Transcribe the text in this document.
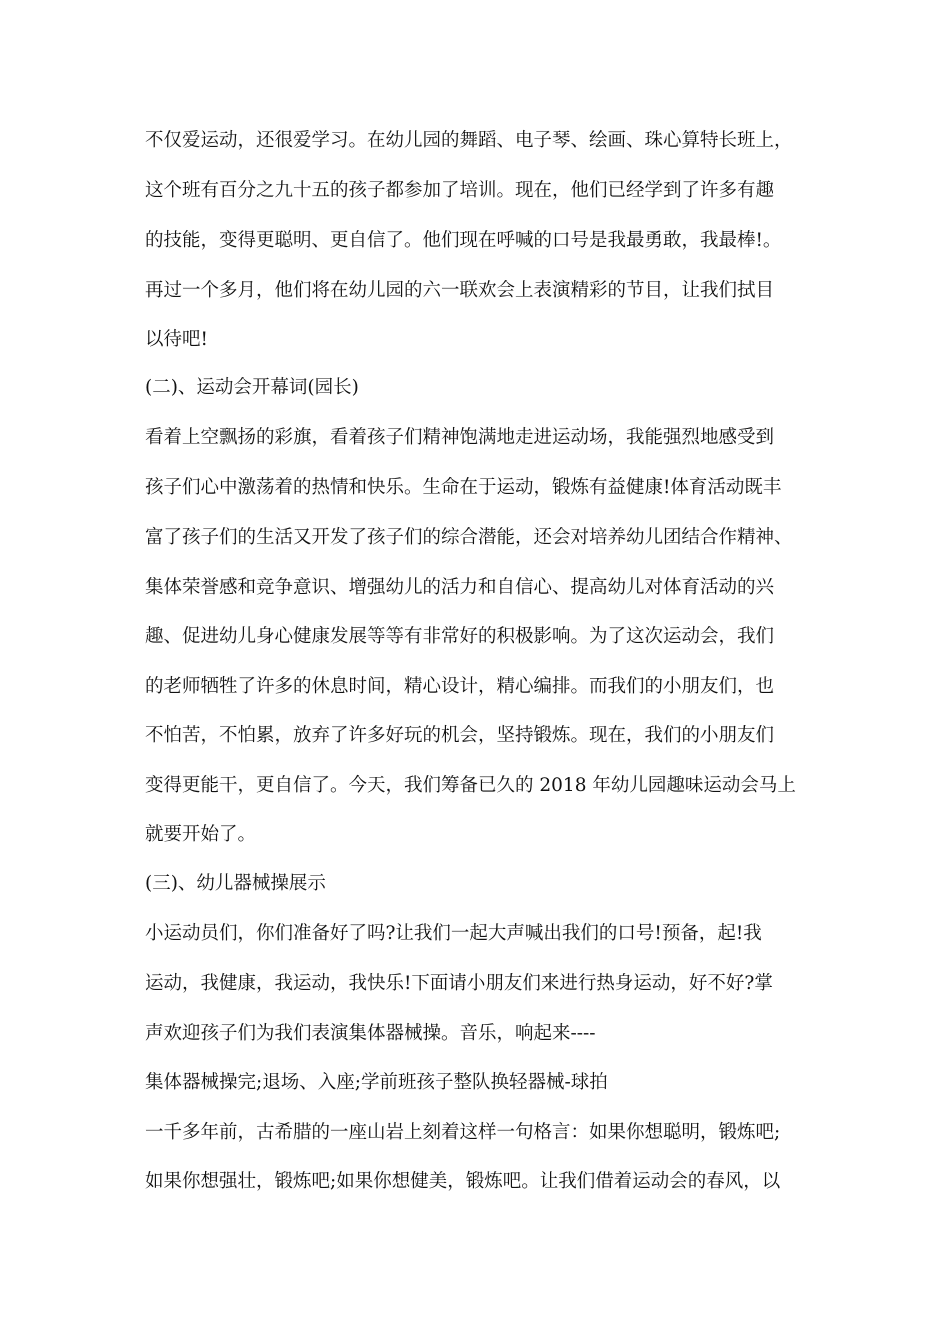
不仅爱运动，还很爱学习。在幼儿园的舞蹈、电子琴、绘画、珠心算特长班上，

这个班有百分之九十五的孩子都参加了培训。现在，他们已经学到了许多有趣

的技能，变得更聪明、更自信了。他们现在呼喊的口号是我最勇敢，我最棒!。

再过一个多月，他们将在幼儿园的六一联欢会上表演精彩的节目，让我们拭目

以待吧!

(二)、运动会开幕词(园长)

看着上空飘扬的彩旗，看着孩子们精神饱满地走进运动场，我能强烈地感受到

孩子们心中激荡着的热情和快乐。生命在于运动，锻炼有益健康!体育活动既丰

富了孩子们的生活又开发了孩子们的综合潜能，还会对培养幼儿团结合作精神、

集体荣誉感和竞争意识、增强幼儿的活力和自信心、提高幼儿对体育活动的兴

趣、促进幼儿身心健康发展等等有非常好的积极影响。为了这次运动会，我们

的老师牺牲了许多的休息时间，精心设计，精心编排。而我们的小朋友们，也

不怕苦，不怕累，放弃了许多好玩的机会，坚持锻炼。现在，我们的小朋友们

变得更能干，更自信了。今天，我们筹备已久的 2018 年幼儿园趣味运动会马上

就要开始了。

(三)、幼儿器械操展示

小运动员们，你们准备好了吗?让我们一起大声喊出我们的口号!预备，起!我

运动，我健康，我运动，我快乐!下面请小朋友们来进行热身运动，好不好?掌

声欢迎孩子们为我们表演集体器械操。音乐，响起来----

集体器械操完;退场、入座;学前班孩子整队换轻器械-球拍

一千多年前，古希腊的一座山岩上刻着这样一句格言：如果你想聪明，锻炼吧;

如果你想强壮，锻炼吧;如果你想健美，锻炼吧。让我们借着运动会的春风，以
